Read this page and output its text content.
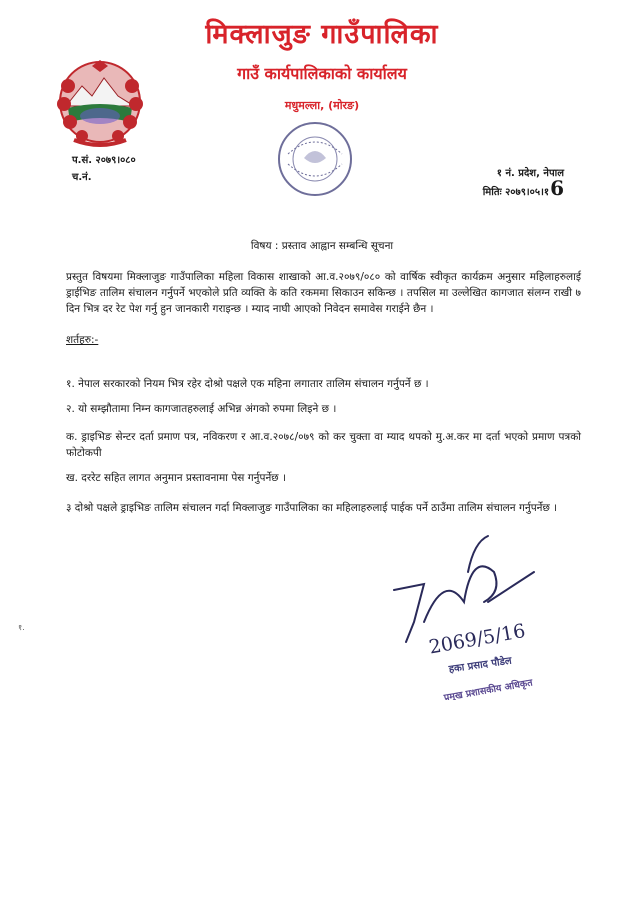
मिक्लाजुङ गाउँपालिका
गाउँ कार्यपालिकाको कार्यालय
मधुमल्ला, (मोरङ)
प.सं. २०७९।०८०
च.नं.	१ नं. प्रदेश, नेपाल
मितिः २०७९।०५।१6
विषय : प्रस्ताव आह्वान सम्बन्धि सूचना
प्रस्तुत विषयमा मिक्लाजुङ गाउँपालिका महिला विकास शाखाको आ.व.२०७९/०८० को वार्षिक स्वीकृत कार्यक्रम अनुसार महिलाहरुलाई ड्राईभिङ तालिम संचालन गर्नुपर्ने भएकोले प्रति व्यक्ति के कति रकममा सिकाउन सकिन्छ । तपसिल मा उल्लेखित कागजात संलग्न राखी ७ दिन भित्र दर रेट पेश गर्नु हुन जानकारी गराइन्छ । म्याद नाघी आएको निवेदन समावेस गराईने छैन ।
शर्तहरु:-
१. नेपाल सरकारको नियम भित्र रहेर दोश्रो पक्षले एक महिना लगातार तालिम संचालन गर्नुपर्ने छ ।
२. यो सम्झौतामा निम्न कागजातहरुलाई अभिन्न अंगको रुपमा लिइने छ ।
क. ड्राइभिङ सेन्टर दर्ता प्रमाण पत्र, नविकरण र आ.व.२०७८/०७९ को कर चुक्ता वा म्याद थपको मु.अ.कर मा दर्ता भएको प्रमाण पत्रको फोटोकपी
ख. दररेट सहित लागत अनुमान प्रस्तावनामा पेस गर्नुपर्नेछ ।
३ दोश्रो पक्षले ड्राइभिङ तालिम संचालन गर्दा मिक्लाजुङ गाउँपालिका का महिलाहरुलाई पाईक पर्ने ठाउँमा तालिम संचालन गर्नुपर्नेछ ।
2069/5/16
हका प्रसाद पौडेल
प्रमुख प्रशासकीय अधिकृत
१.
